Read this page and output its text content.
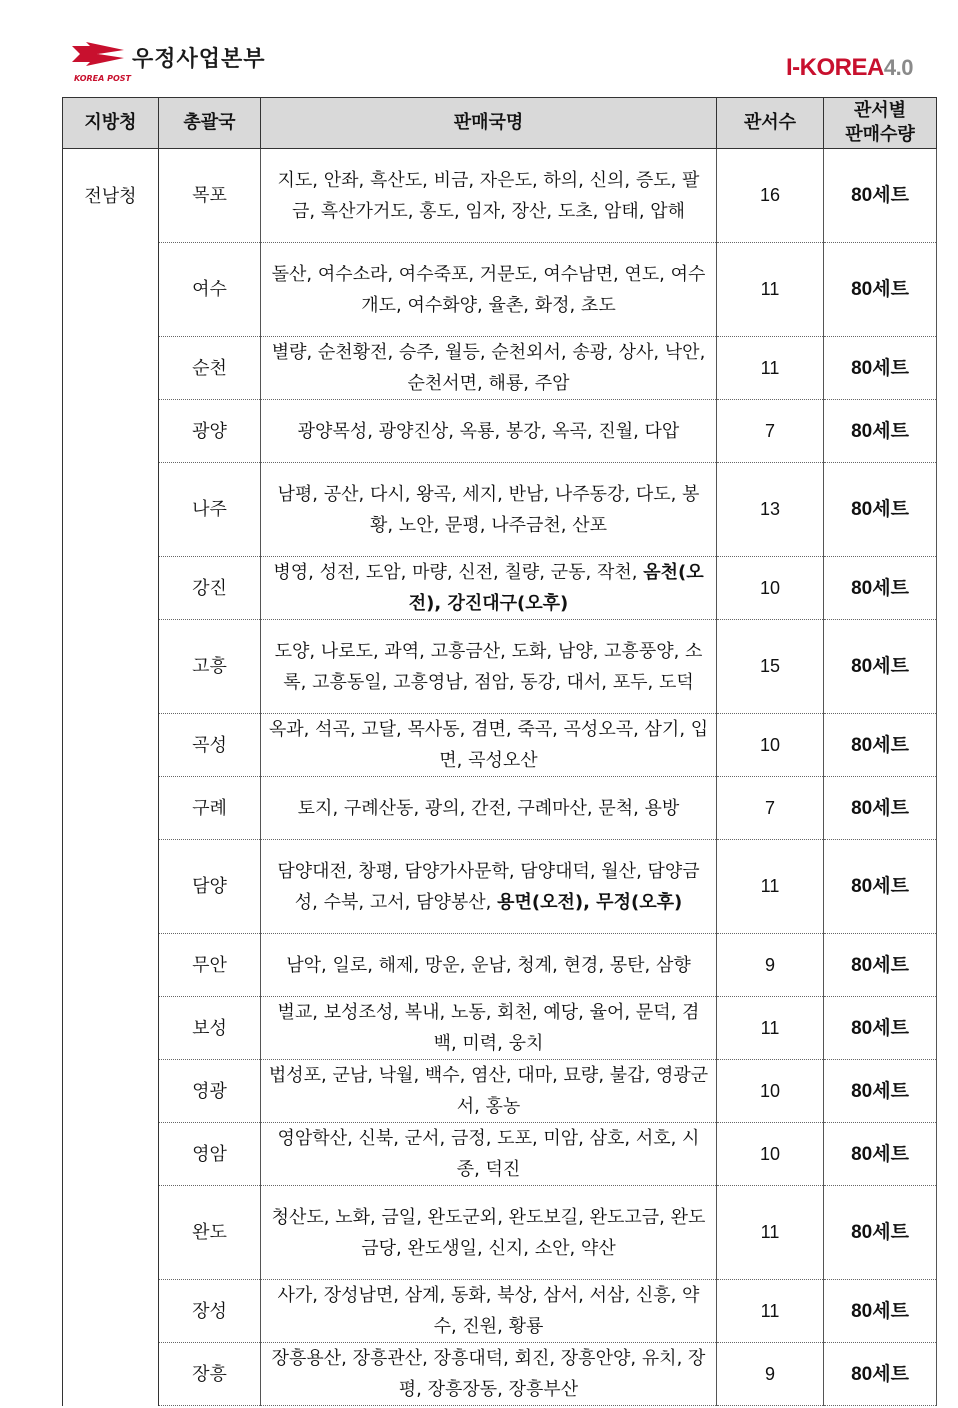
우정사업본부
KOREA POST	I-KOREA4.0
지방청	총괄국	판매국명	관서수	관서별
판매수량
전남청	목포	지도, 안좌, 흑산도, 비금, 자은도, 하의, 신의, 증도, 팔금, 흑산가거도, 홍도, 임자, 장산, 도초, 암태, 압해	16	80세트
	여수	돌산, 여수소라, 여수죽포, 거문도, 여수남면, 연도, 여수개도, 여수화양, 율촌, 화정, 초도	11	80세트
	순천	별량, 순천황전, 승주, 월등, 순천외서, 송광, 상사, 낙안, 순천서면, 해룡, 주암	11	80세트
	광양	광양목성, 광양진상, 옥룡, 봉강, 옥곡, 진월, 다압	7	80세트
	나주	남평, 공산, 다시, 왕곡, 세지, 반남, 나주동강, 다도, 봉황, 노안, 문평, 나주금천, 산포	13	80세트
	강진	병영, 성전, 도암, 마량, 신전, 칠량, 군동, 작천, 옴천(오전), 강진대구(오후)	10	80세트
	고흥	도양, 나로도, 과역, 고흥금산, 도화, 남양, 고흥풍양, 소록, 고흥동일, 고흥영남, 점암, 동강, 대서, 포두, 도덕	15	80세트
	곡성	옥과, 석곡, 고달, 목사동, 겸면, 죽곡, 곡성오곡, 삼기, 입면, 곡성오산	10	80세트
	구례	토지, 구례산동, 광의, 간전, 구례마산, 문척, 용방	7	80세트
	담양	담양대전, 창평, 담양가사문학, 담양대덕, 월산, 담양금성, 수북, 고서, 담양봉산, 용면(오전), 무정(오후)	11	80세트
	무안	남악, 일로, 해제, 망운, 운남, 청계, 현경, 몽탄, 삼향	9	80세트
	보성	벌교, 보성조성, 복내, 노동, 회천, 예당, 율어, 문덕, 겸백, 미력, 웅치	11	80세트
	영광	법성포, 군남, 낙월, 백수, 염산, 대마, 묘량, 불갑, 영광군서, 홍농	10	80세트
	영암	영암학산, 신북, 군서, 금정, 도포, 미암, 삼호, 서호, 시종, 덕진	10	80세트
	완도	청산도, 노화, 금일, 완도군외, 완도보길, 완도고금, 완도금당, 완도생일, 신지, 소안, 약산	11	80세트
	장성	사가, 장성남면, 삼계, 동화, 북상, 삼서, 서삼, 신흥, 약수, 진원, 황룡	11	80세트
	장흥	장흥용산, 장흥관산, 장흥대덕, 회진, 장흥안양, 유치, 장평, 장흥장동, 장흥부산	9	80세트
